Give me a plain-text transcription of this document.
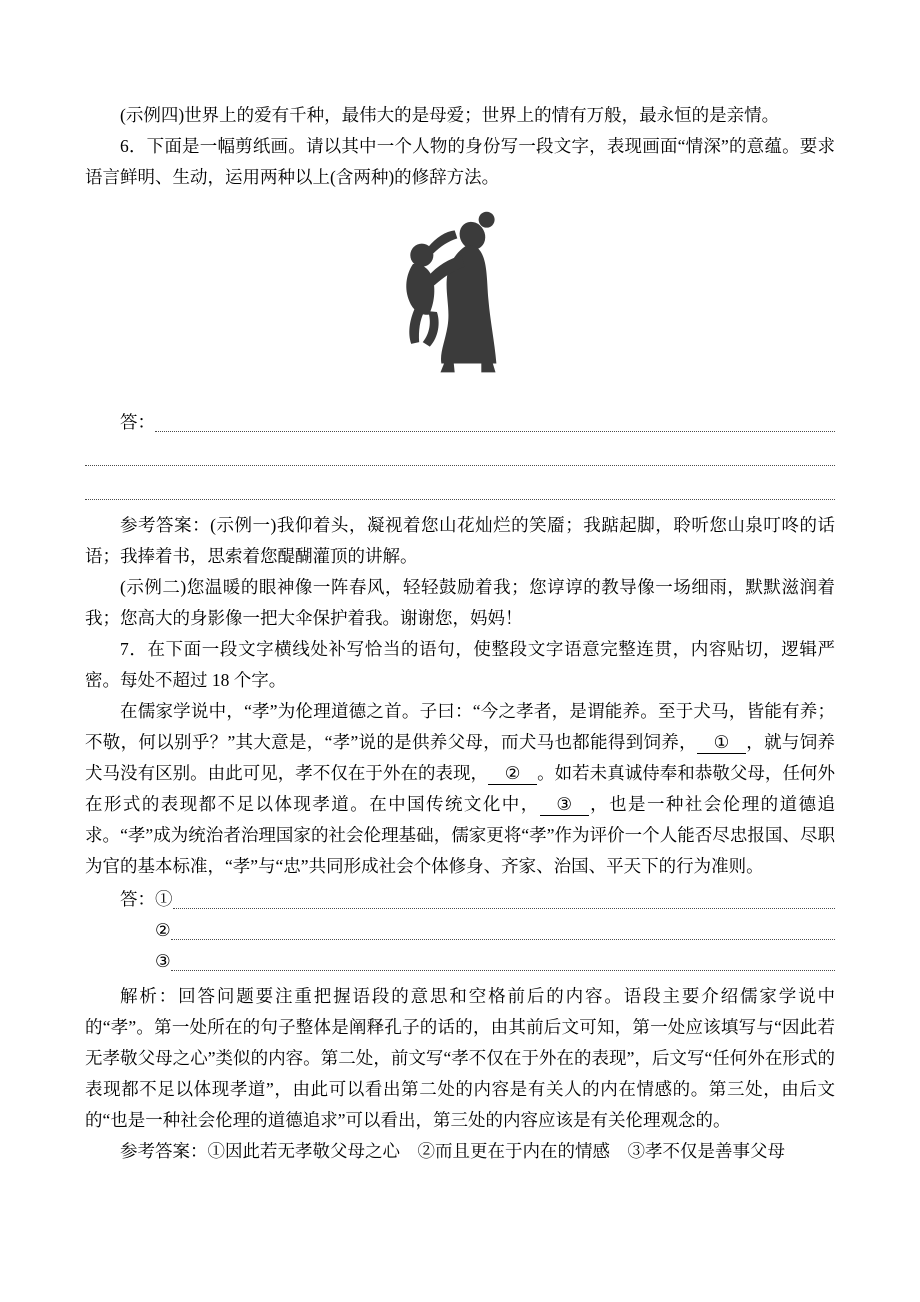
(示例四)世界上的爱有千种，最伟大的是母爱；世界上的情有万般，最永恒的是亲情。

6．下面是一幅剪纸画。请以其中一个人物的身份写一段文字，表现画面“情深”的意蕴。要求语言鲜明、生动，运用两种以上(含两种)的修辞方法。

答：

参考答案：(示例一)我仰着头，凝视着您山花灿烂的笑靥；我踮起脚，聆听您山泉叮咚的话语；我捧着书，思索着您醍醐灌顶的讲解。

(示例二)您温暖的眼神像一阵春风，轻轻鼓励着我；您谆谆的教导像一场细雨，默默滋润着我；您高大的身影像一把大伞保护着我。谢谢您，妈妈！

7．在下面一段文字横线处补写恰当的语句，使整段文字语意完整连贯，内容贴切，逻辑严密。每处不超过 18 个字。

在儒家学说中，“孝”为伦理道德之首。子曰：“今之孝者，是谓能养。至于犬马，皆能有养；不敬，何以别乎？”其大意是，“孝”说的是供养父母，而犬马也都能得到饲养， ① ，就与饲养犬马没有区别。由此可见，孝不仅在于外在的表现， ② 。如若未真诚侍奉和恭敬父母，任何外在形式的表现都不足以体现孝道。在中国传统文化中， ③ ，也是一种社会伦理的道德追求。“孝”成为统治者治理国家的社会伦理基础，儒家更将“孝”作为评价一个人能否尽忠报国、尽职为官的基本标准，“孝”与“忠”共同形成社会个体修身、齐家、治国、平天下的行为准则。

答：①
②
③

解析：回答问题要注重把握语段的意思和空格前后的内容。语段主要介绍儒家学说中的“孝”。第一处所在的句子整体是阐释孔子的话的，由其前后文可知，第一处应该填写与“因此若无孝敬父母之心”类似的内容。第二处，前文写“孝不仅在于外在的表现”，后文写“任何外在形式的表现都不足以体现孝道”，由此可以看出第二处的内容是有关人的内在情感的。第三处，由后文的“也是一种社会伦理的道德追求”可以看出，第三处的内容应该是有关伦理观念的。

参考答案：①因此若无孝敬父母之心　②而且更在于内在的情感　③孝不仅是善事父母
